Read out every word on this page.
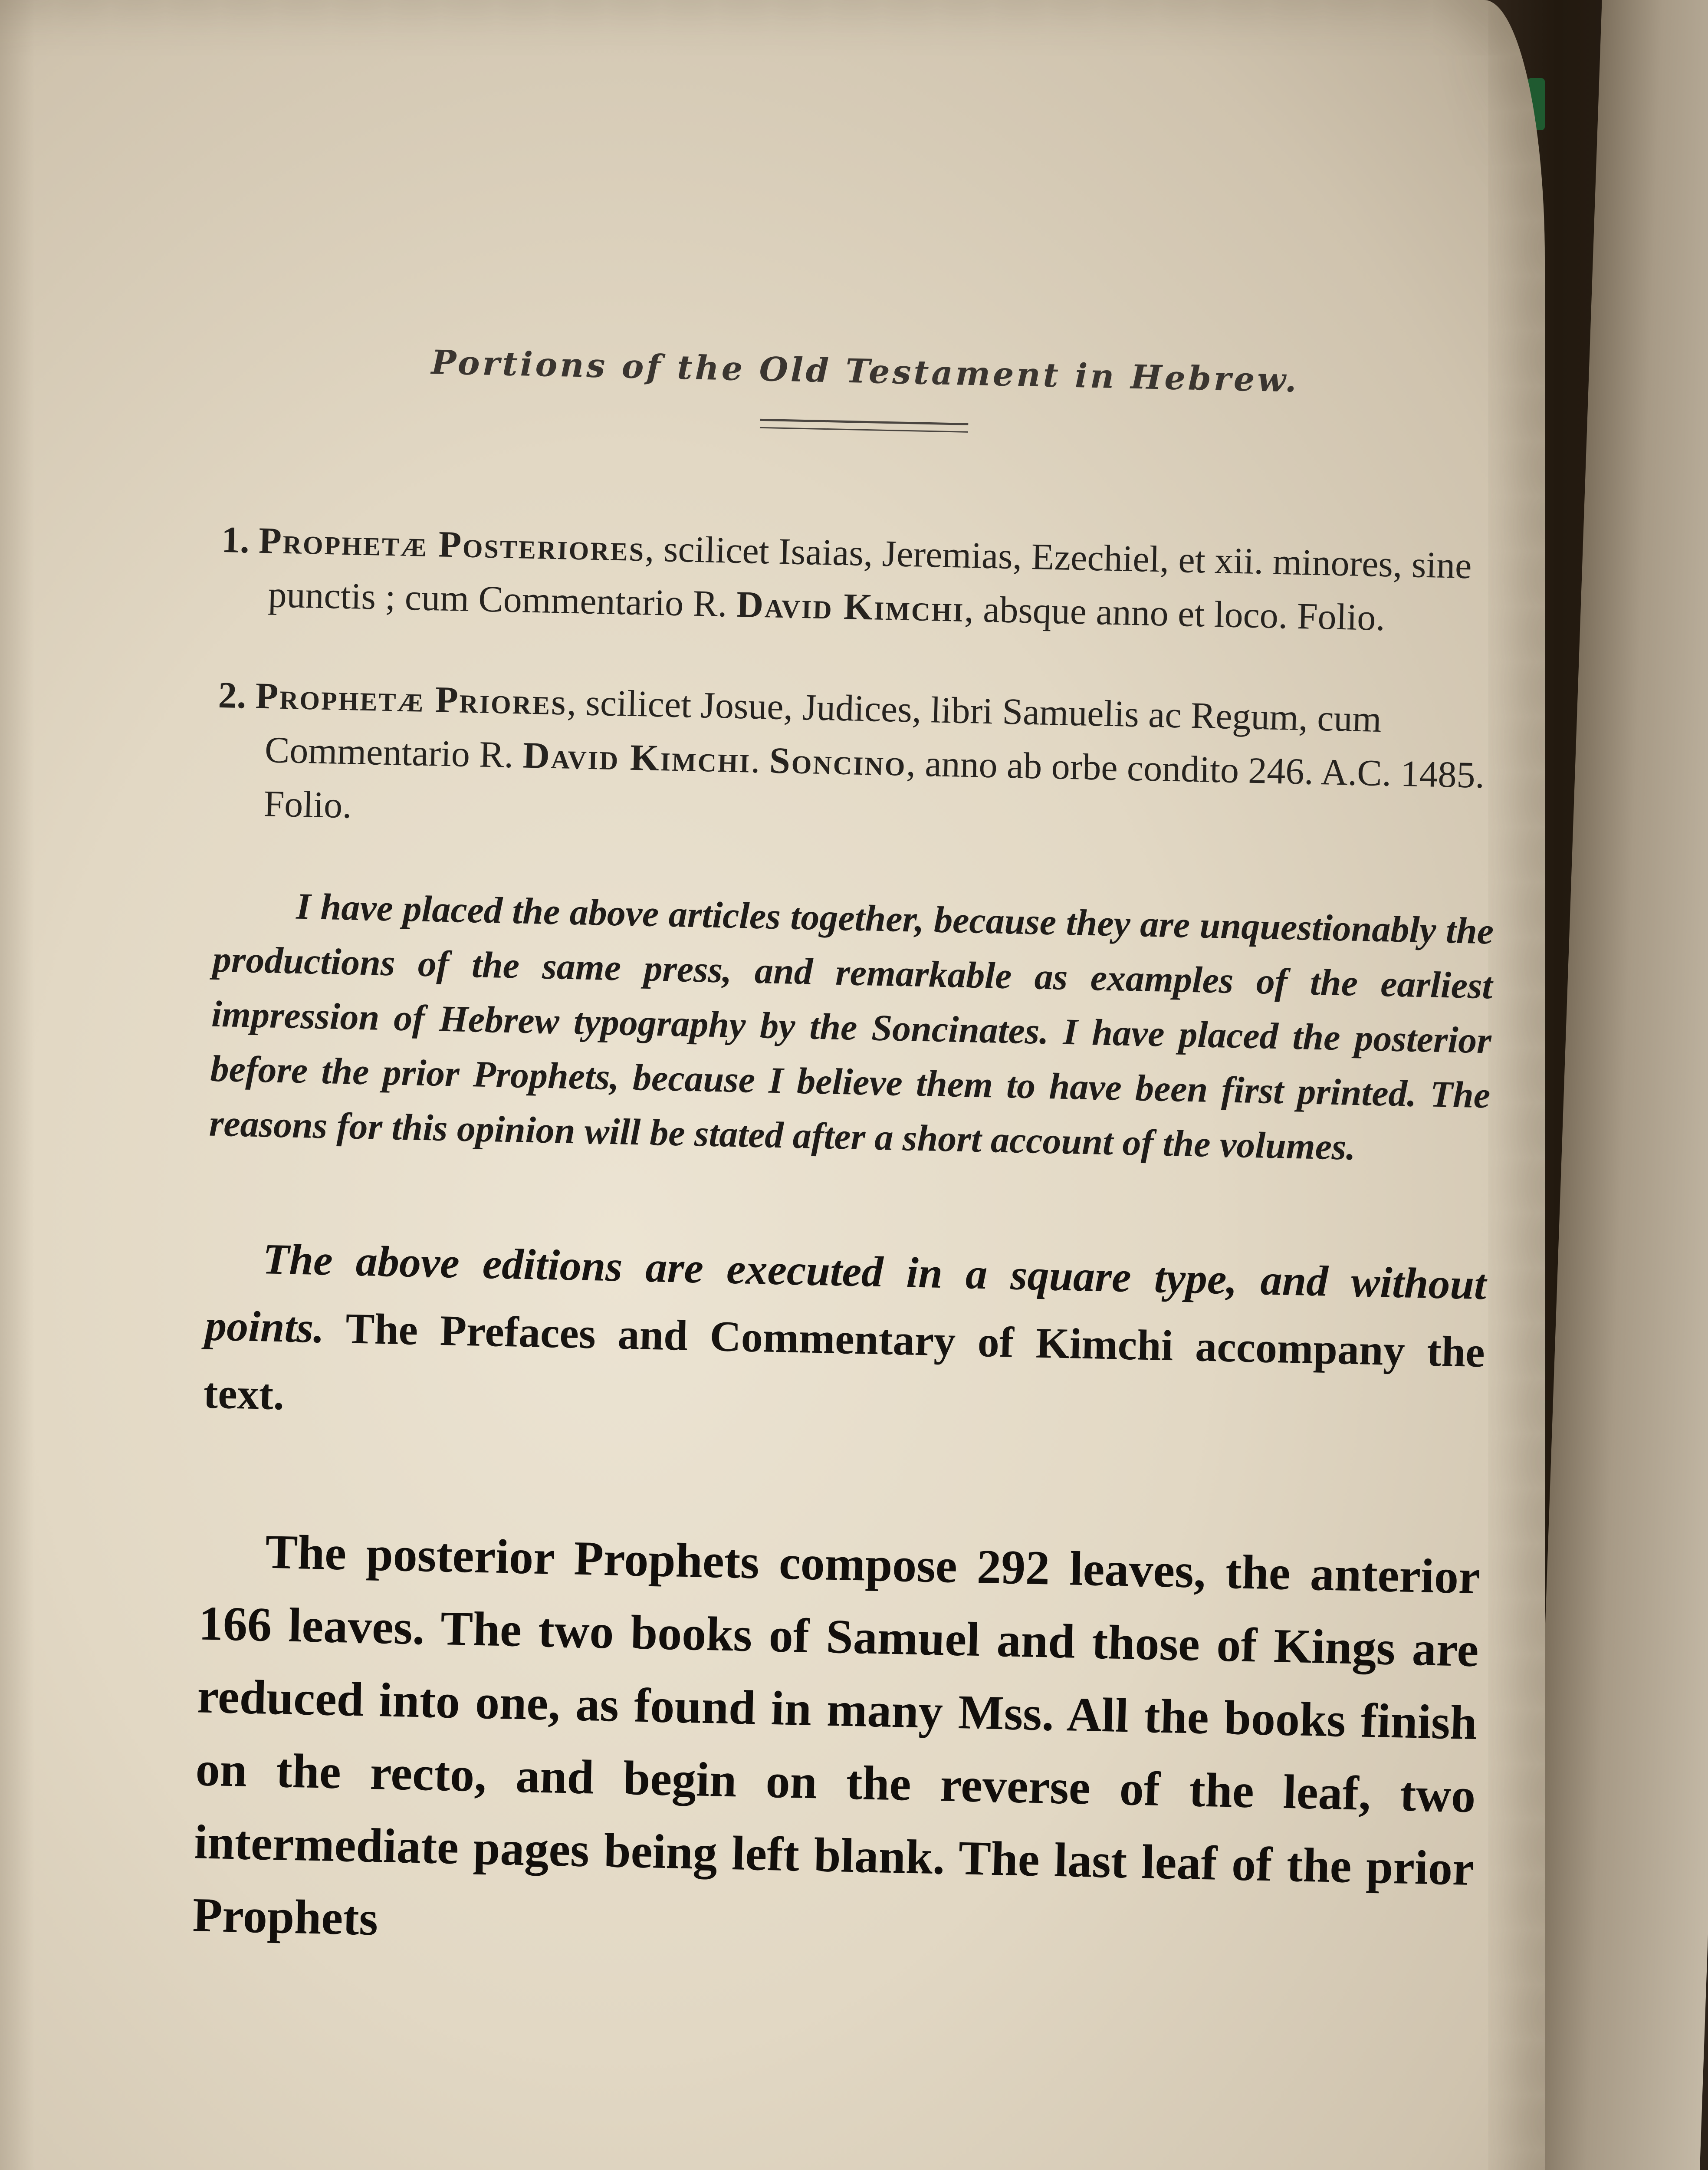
Portions of the Old Testament in Hebrew.

1. Prophetæ Posteriores, scilicet Isaias, Jeremias, Ezechiel, et xii. minores, sine punctis ; cum Commentario R. David Kimchi, absque anno et loco. Folio.

2. Prophetæ Priores, scilicet Josue, Judices, libri Samuelis ac Regum, cum Commentario R. David Kimchi. Soncino, anno ab orbe condito 246. A.C. 1485. Folio.

I have placed the above articles together, because they are unquestionably the productions of the same press, and remarkable as examples of the earliest impression of Hebrew typography by the Soncinates. I have placed the posterior before the prior Prophets, because I believe them to have been first printed. The reasons for this opinion will be stated after a short account of the volumes.

The above editions are executed in a square type, and without points. The Prefaces and Commentary of Kimchi accompany the text.

The posterior Prophets compose 292 leaves, the anterior 166 leaves. The two books of Samuel and those of Kings are reduced into one, as found in many Mss. All the books finish on the recto, and begin on the reverse of the leaf, two intermediate pages being left blank. The last leaf of the prior Prophets
